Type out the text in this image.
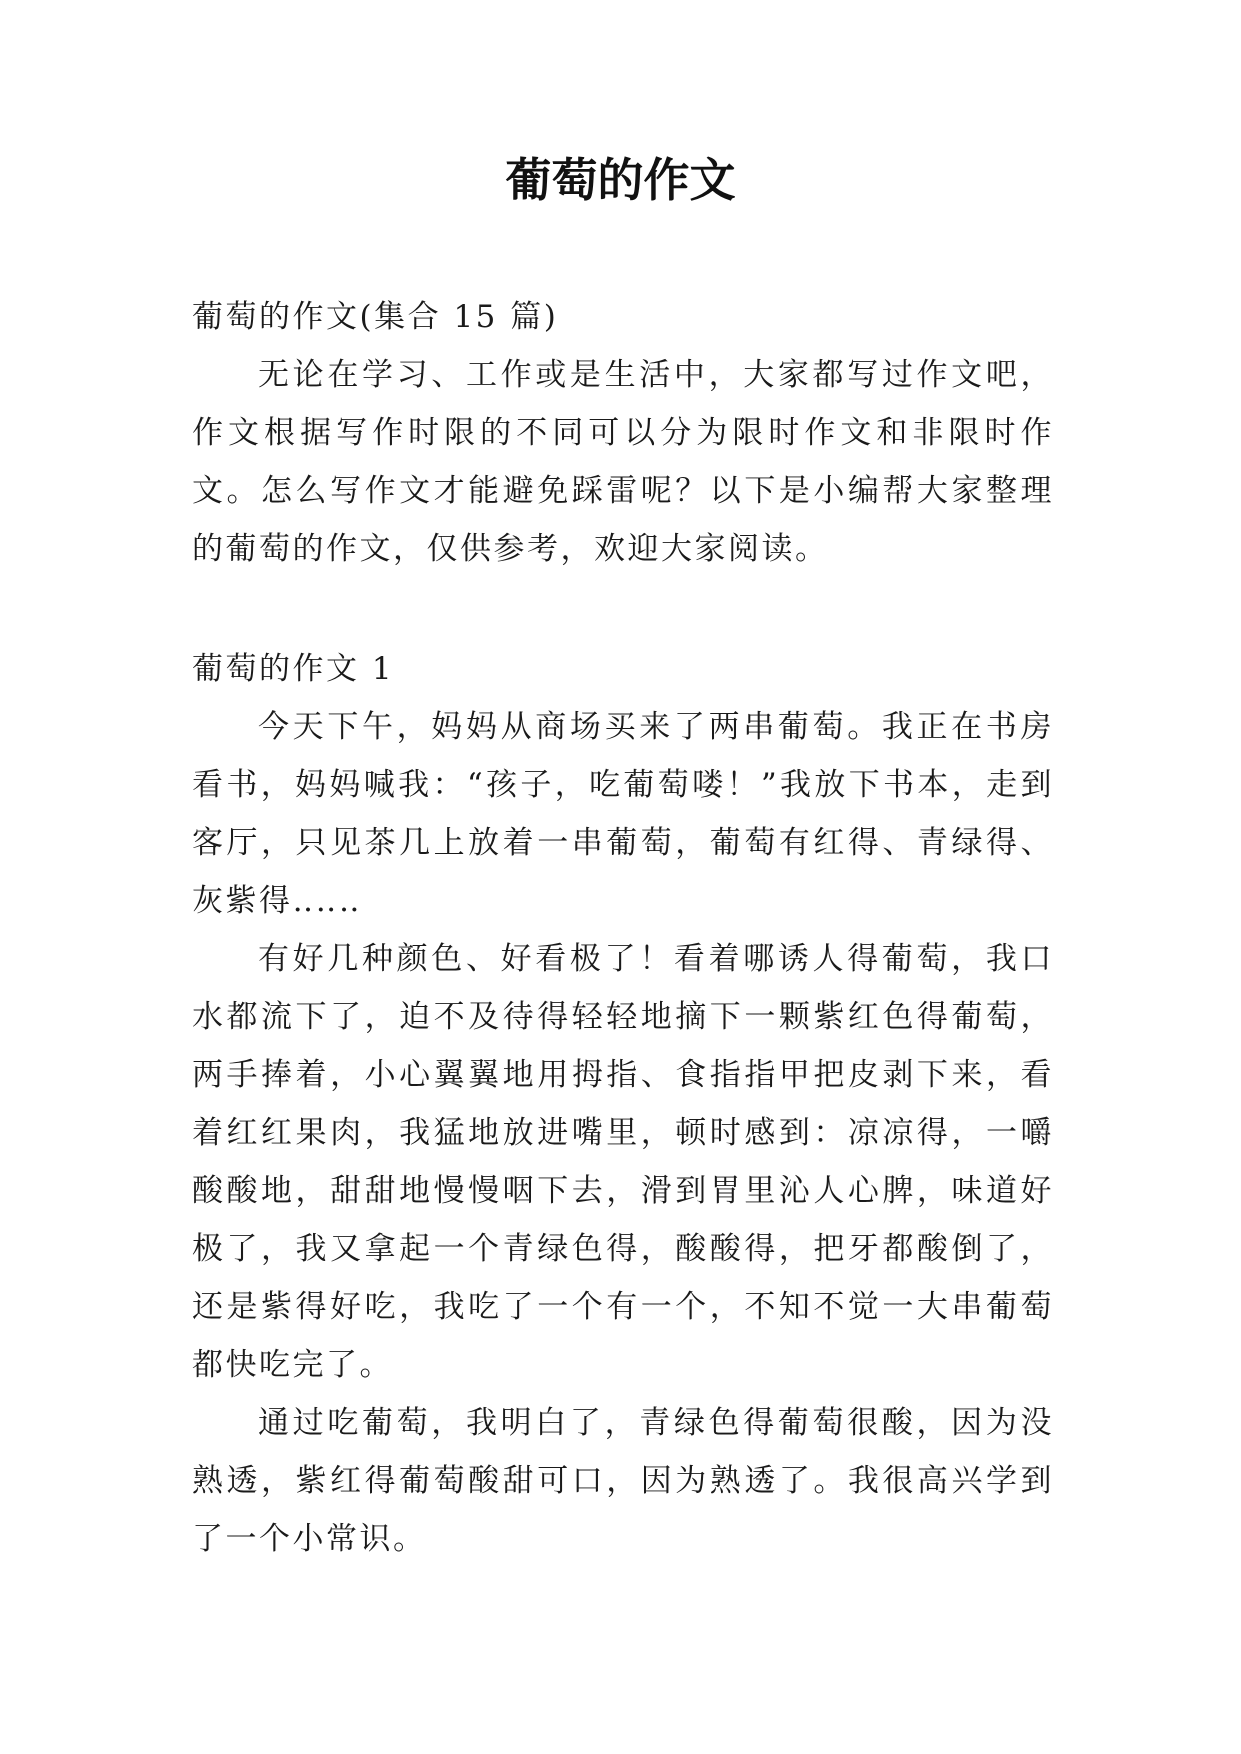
葡萄的作文

葡萄的作文(集合 15 篇)

无论在学习、工作或是生活中，大家都写过作文吧，作文根据写作时限的不同可以分为限时作文和非限时作文。怎么写作文才能避免踩雷呢？以下是小编帮大家整理的葡萄的作文，仅供参考，欢迎大家阅读。

葡萄的作文 1

今天下午，妈妈从商场买来了两串葡萄。我正在书房看书，妈妈喊我：“孩子，吃葡萄喽！”我放下书本，走到客厅，只见茶几上放着一串葡萄，葡萄有红得、青绿得、灰紫得‥‥‥

有好几种颜色、好看极了！看着哪诱人得葡萄，我口水都流下了，迫不及待得轻轻地摘下一颗紫红色得葡萄，两手捧着，小心翼翼地用拇指、食指指甲把皮剥下来，看着红红果肉，我猛地放进嘴里，顿时感到：凉凉得，一嚼酸酸地，甜甜地慢慢咽下去，滑到胃里沁人心脾，味道好极了，我又拿起一个青绿色得，酸酸得，把牙都酸倒了，还是紫得好吃，我吃了一个有一个，不知不觉一大串葡萄都快吃完了。

通过吃葡萄，我明白了，青绿色得葡萄很酸，因为没熟透，紫红得葡萄酸甜可口，因为熟透了。我很高兴学到了一个小常识。
